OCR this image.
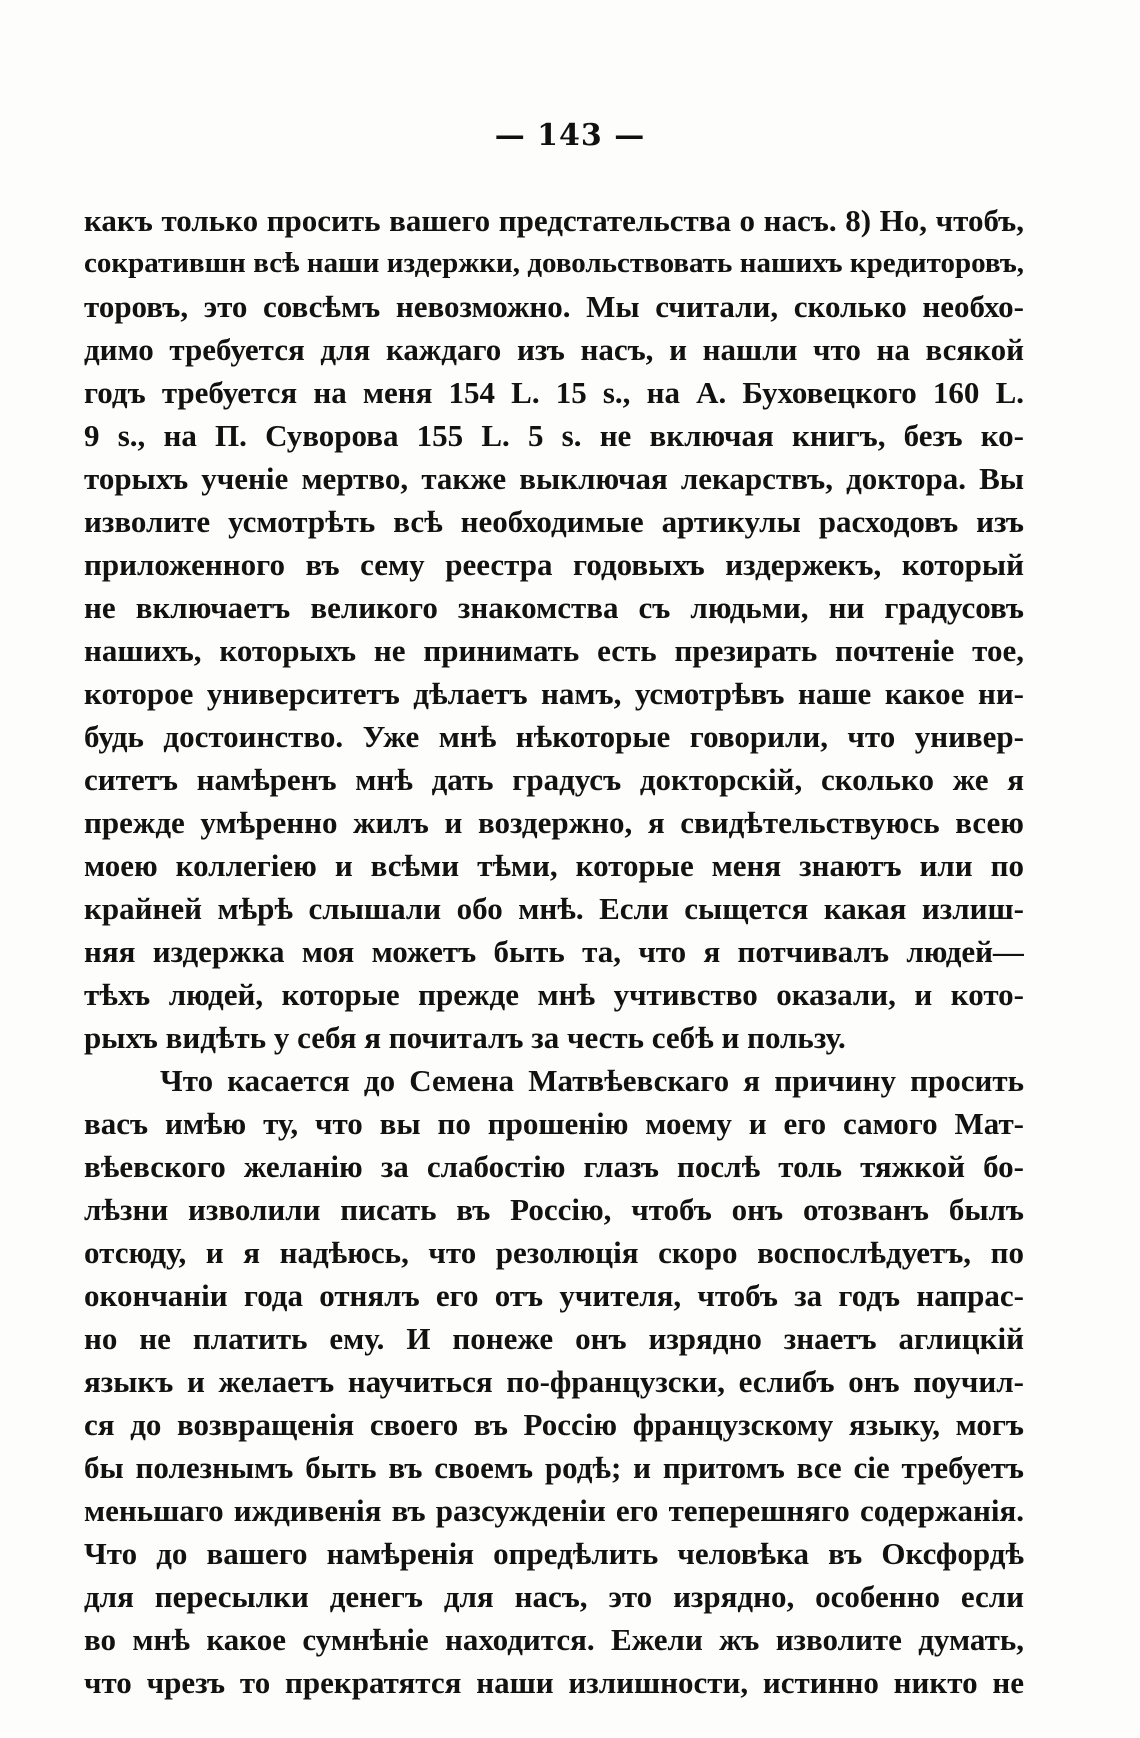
— 143 —
какъ только просить вашего предстательства о насъ. 8) Но, чтобъ,
сократившн всѣ наши издержки, довольствовать нашихъ кредиторовъ,
торовъ, это совсѣмъ невозможно. Мы считали, сколько необхо-
димо требуется для каждаго изъ насъ, и нашли что на всякой
годъ требуется на меня 154 L. 15 s., на А. Буховецкого 160 L.
9 s., на П. Суворова 155 L. 5 s. не включая книгъ, безъ ко-
торыхъ ученіе мертво, также выключая лекарствъ, доктора. Вы
изволите усмотрѣть всѣ необходимые артикулы расходовъ изъ
приложенного въ сему реестра годовыхъ издержекъ, который
не включаетъ великого знакомства съ людьми, ни градусовъ
нашихъ, которыхъ не принимать есть презирать почтеніе тое,
которое университетъ дѣлаетъ намъ, усмотрѣвъ наше какое ни-
будь достоинство. Уже мнѣ нѣкоторые говорили, что универ-
ситетъ намѣренъ мнѣ дать градусъ докторскій, сколько же я
прежде умѣренно жилъ и воздержно, я свидѣтельствуюсь всею
моею коллегіею и всѣми тѣми, которые меня знаютъ или по
крайней мѣрѣ слышали обо мнѣ. Если сыщется какая излиш-
няя издержка моя можетъ быть та, что я потчивалъ людей—
тѣхъ людей, которые прежде мнѣ учтивство оказали, и кото-
рыхъ видѣть у себя я почиталъ за честь себѣ и пользу.
Что касается до Семена Матвѣевскаго я причину просить
васъ имѣю ту, что вы по прошенію моему и его самого Мат-
вѣевского желанію за слабостію глазъ послѣ толь тяжкой бо-
лѣзни изволили писать въ Россію, чтобъ онъ отозванъ былъ
отсюду, и я надѣюсь, что резолюція скоро воспослѣдуетъ, по
окончаніи года отнялъ его отъ учителя, чтобъ за годъ напрас-
но не платить ему. И понеже онъ изрядно знаетъ аглицкій
языкъ и желаетъ научиться по-французски, еслибъ онъ поучил-
ся до возвращенія своего въ Россію французскому языку, могъ
бы полезнымъ быть въ своемъ родѣ; и притомъ все сіе требуетъ
меньшаго иждивенія въ разсужденіи его теперешняго содержанія.
Что до вашего намѣренія опредѣлить человѣка въ Оксфордѣ
для пересылки денегъ для насъ, это изрядно, особенно если
во мнѣ какое сумнѣніе находится. Ежели жъ изволите думать,
что чрезъ то прекратятся наши излишности, истинно никто не
